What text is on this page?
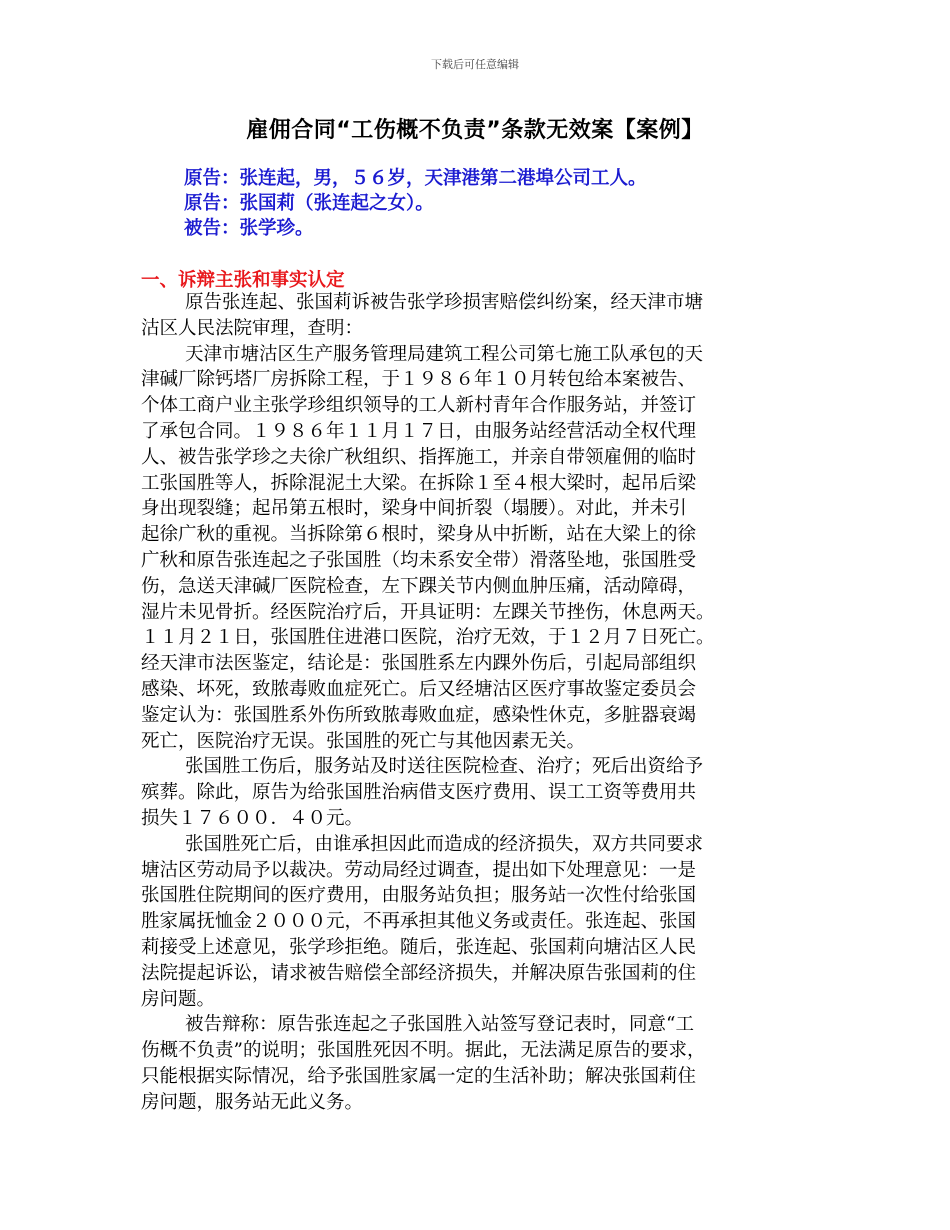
下载后可任意编辑
雇佣合同“工伤概不负责”条款无效案【案例】
原告：张连起，男，５６岁，天津港第二港埠公司工人。
原告：张国莉（张连起之女）。
被告：张学珍。
一、诉辩主张和事实认定
原告张连起、张国莉诉被告张学珍损害赔偿纠纷案，经天津市塘
沽区人民法院审理，查明：
天津市塘沽区生产服务管理局建筑工程公司第七施工队承包的天
津碱厂除钙塔厂房拆除工程，于１９８６年１０月转包给本案被告、
个体工商户业主张学珍组织领导的工人新村青年合作服务站，并签订
了承包合同。１９８６年１１月１７日，由服务站经营活动全权代理
人、被告张学珍之夫徐广秋组织、指挥施工，并亲自带领雇佣的临时
工张国胜等人，拆除混泥土大梁。在拆除１至４根大梁时，起吊后梁
身出现裂缝；起吊第五根时，梁身中间折裂（塌腰）。对此，并未引
起徐广秋的重视。当拆除第６根时，梁身从中折断，站在大梁上的徐
广秋和原告张连起之子张国胜（均未系安全带）滑落坠地，张国胜受
伤，急送天津碱厂医院检查，左下踝关节内侧血肿压痛，活动障碍，
湿片未见骨折。经医院治疗后，开具证明：左踝关节挫伤，休息两天。
１１月２１日，张国胜住进港口医院，治疗无效，于１２月７日死亡。
经天津市法医鉴定，结论是：张国胜系左内踝外伤后，引起局部组织
感染、坏死，致脓毒败血症死亡。后又经塘沽区医疗事故鉴定委员会
鉴定认为：张国胜系外伤所致脓毒败血症，感染性休克，多脏器衰竭
死亡，医院治疗无误。张国胜的死亡与其他因素无关。
张国胜工伤后，服务站及时送往医院检查、治疗；死后出资给予
殡葬。除此，原告为给张国胜治病借支医疗费用、误工工资等费用共
损失１７６００．４０元。
张国胜死亡后，由谁承担因此而造成的经济损失，双方共同要求
塘沽区劳动局予以裁决。劳动局经过调查，提出如下处理意见：一是
张国胜住院期间的医疗费用，由服务站负担；服务站一次性付给张国
胜家属抚恤金２０００元，不再承担其他义务或责任。张连起、张国
莉接受上述意见，张学珍拒绝。随后，张连起、张国莉向塘沽区人民
法院提起诉讼，请求被告赔偿全部经济损失，并解决原告张国莉的住
房问题。
被告辩称：原告张连起之子张国胜入站签写登记表时，同意“工
伤概不负责”的说明；张国胜死因不明。据此，无法满足原告的要求，
只能根据实际情况，给予张国胜家属一定的生活补助；解决张国莉住
房问题，服务站无此义务。
